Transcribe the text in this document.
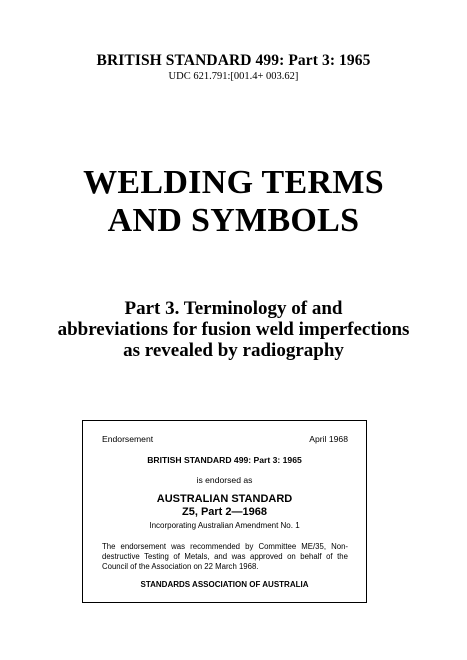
BRITISH STANDARD 499: Part 3: 1965
UDC 621.791:[001.4+ 003.62]
WELDING TERMS
AND SYMBOLS
Part 3. Terminology of and
abbreviations for fusion weld imperfections
as revealed by radiography
Endorsement	April 1968
BRITISH STANDARD 499: Part 3: 1965
is endorsed as
AUSTRALIAN STANDARD
Z5, Part 2—1968
Incorporating Australian Amendment No. 1
The endorsement was recommended by Committee ME/35, Non-destructive Testing of Metals, and was approved on behalf of the Council of the Association on 22 March 1968.
STANDARDS ASSOCIATION OF AUSTRALIA
